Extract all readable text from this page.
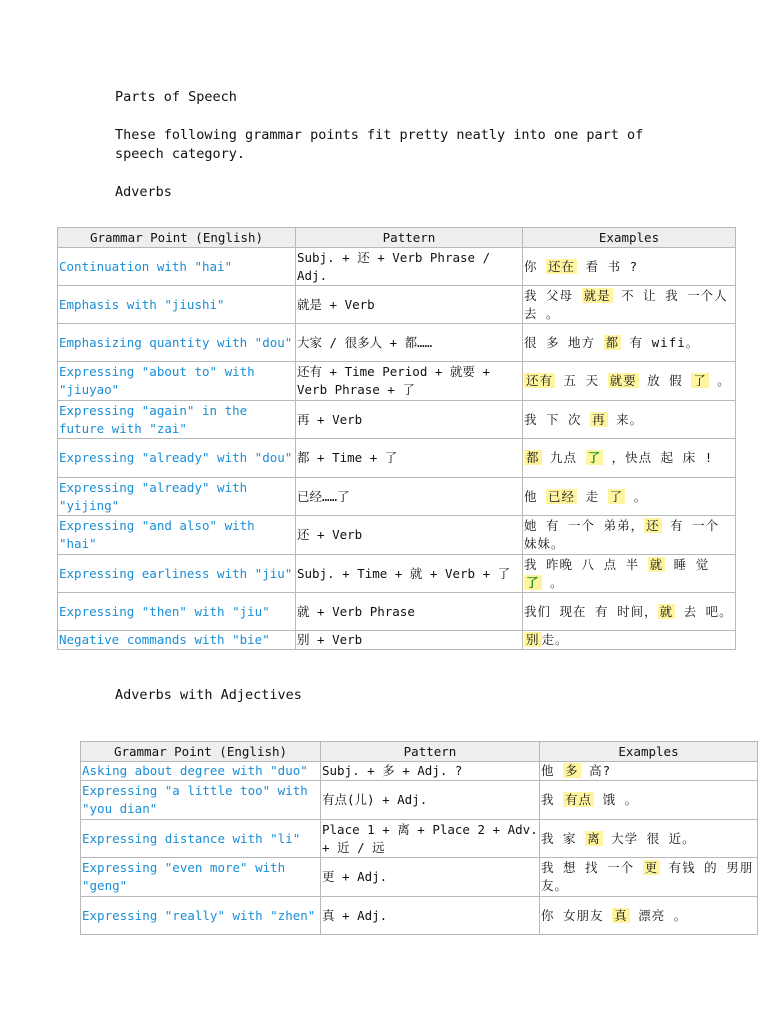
Parts of Speech
These following grammar points fit pretty neatly into one part of
speech category.
Adverbs
Grammar Point (English)	Pattern	Examples
Continuation with "hai"	Subj. + 还 + Verb Phrase / Adj.	你 还在 看 书 ?
Emphasis with "jiushi"	就是 + Verb	我 父母 就是 不 让 我 一个人 去 。
Emphasizing quantity with "dou"	大家 / 很多人 + 都……	很 多 地方 都 有 wifi。
Expressing "about to" with "jiuyao"	还有 + Time Period + 就要 + Verb Phrase + 了	还有 五 天 就要 放 假 了 。
Expressing "again" in the future with "zai"	再 + Verb	我 下 次 再 来。
Expressing "already" with "dou"	都 + Time + 了	都 九点 了 ，快点 起 床 !
Expressing "already" with "yijing"	已经……了	他 已经 走 了 。
Expressing "and also" with "hai"	还 + Verb	她 有 一个 弟弟， 还 有 一个 妹妹。
Expressing earliness with "jiu"	Subj. + Time + 就 + Verb + 了	我 昨晚 八 点 半 就 睡 觉 了 。
Expressing "then" with "jiu"	就 + Verb Phrase	我们 现在 有 时间， 就 去 吧。
Negative commands with "bie"	别 + Verb	别 走。
Adverbs with Adjectives
Grammar Point (English)	Pattern	Examples
Asking about degree with "duo"	Subj. + 多 + Adj. ?	他 多 高?
Expressing "a little too" with "you dian"	有点(儿) + Adj.	我 有点 饿 。
Expressing distance with "li"	Place 1 + 离 + Place 2 + Adv. + 近 / 远	我 家 离 大学 很 近。
Expressing "even more" with "geng"	更 + Adj.	我 想 找 一个 更 有钱 的 男朋友。
Expressing "really" with "zhen"	真 + Adj.	你 女朋友 真 漂亮 。
